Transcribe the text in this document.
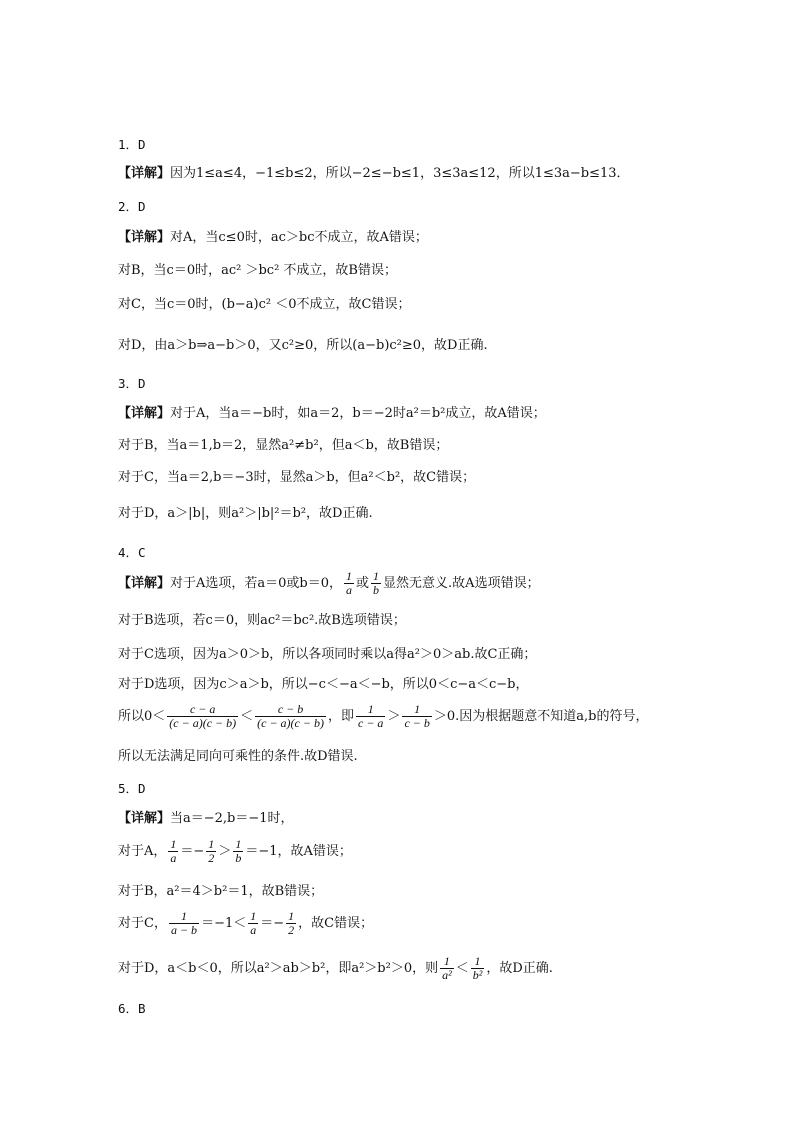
1．D
【详解】因为1≤a≤4，−1≤b≤2，所以−2≤−b≤1，3≤3a≤12，所以1≤3a−b≤13．
2．D
【详解】对A，当c≤0时，ac＞bc不成立，故A错误；
对B，当c＝0时，ac² ＞bc² 不成立，故B错误；
对C，当c＝0时，(b−a)c² ＜0不成立，故C错误；
对D，由a＞b⇒a−b＞0，又c²≥0，所以(a−b)c²≥0，故D正确.
3．D
【详解】对于A，当a＝−b时，如a＝2，b＝−2时a²＝b²成立，故A错误；
对于B，当a＝1,b＝2，显然a²≠b²，但a＜b，故B错误；
对于C，当a＝2,b＝−3时，显然a＞b，但a²＜b²，故C错误；
对于D，a＞|b|，则a²＞|b|²＝b²，故D正确.
4．C
【详解】对于A选项，若a＝0或b＝0， $\frac{1}{a}$ 或 $\frac{1}{b}$ 显然无意义.故A选项错误；
对于B选项，若c＝0，则ac²＝bc².故B选项错误；
对于C选项，因为a＞0＞b，所以各项同时乘以a得a²＞0＞ab.故C正确；
对于D选项，因为c＞a＞b，所以−c＜−a＜−b，所以0＜c−a＜c−b，
所以$0< \frac{c - a}{(c - a)(c - b)} < \frac{c - b}{(c - a)(c - b)}$ ，即 $\frac{1}{c - a} > \frac{1}{c - b} >0$.因为根据题意不知道a,b的符号，
所以无法满足同向可乘性的条件.故D错误.
5．D
【详解】当a＝−2,b＝−1时，
对于A， $\frac{1}{a} =- \frac{1}{2} > \frac{1}{b} =-1$，故A错误；
对于B，a²＝4＞b²＝1，故B错误；
对于C， $\frac{1}{a - b} =-1< \frac{1}{a} =- \frac{1}{2}$ ，故C错误；
对于D，a＜b＜0，所以a²＞ab＞b²，即a²＞b²＞0，则 $\frac{1}{\text{a²}} < \frac{1}{\text{b²}}$ ，故D正确.
6．B
